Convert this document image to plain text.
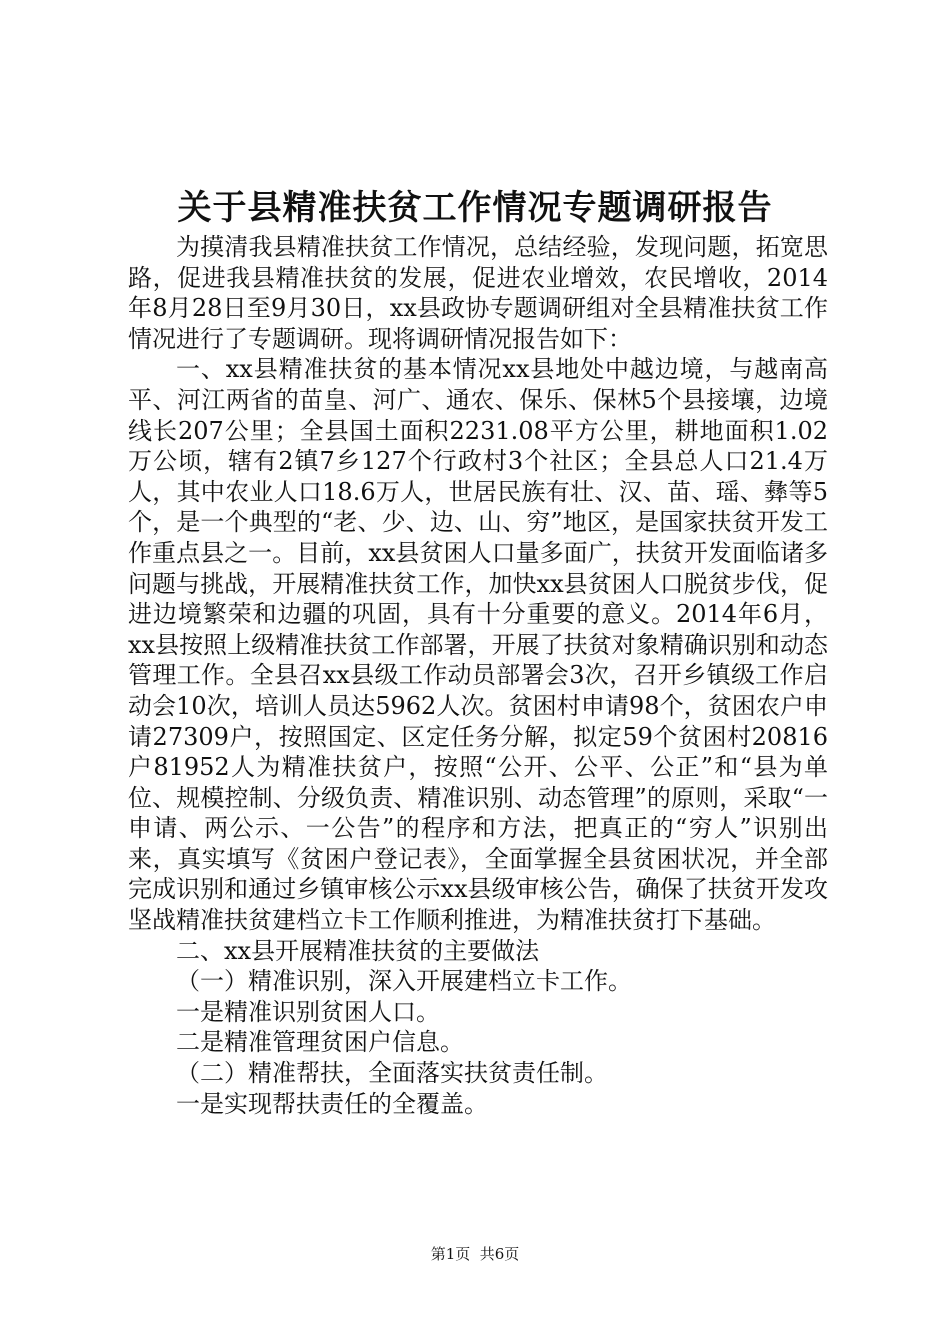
关于县精准扶贫工作情况专题调研报告

为摸清我县精准扶贫工作情况，总结经验，发现问题，拓宽思路，促进我县精准扶贫的发展，促进农业增效，农民增收，2014年8月28日至9月30日，xx县政协专题调研组对全县精准扶贫工作情况进行了专题调研。现将调研情况报告如下：

一、xx县精准扶贫的基本情况xx县地处中越边境，与越南高平、河江两省的苗皇、河广、通农、保乐、保林5个县接壤，边境线长207公里；全县国土面积2231.08平方公里，耕地面积1.02万公顷，辖有2镇7乡127个行政村3个社区；全县总人口21.4万人，其中农业人口18.6万人，世居民族有壮、汉、苗、瑶、彝等5个，是一个典型的“老、少、边、山、穷”地区，是国家扶贫开发工作重点县之一。目前，xx县贫困人口量多面广，扶贫开发面临诸多问题与挑战，开展精准扶贫工作，加快xx县贫困人口脱贫步伐，促进边境繁荣和边疆的巩固，具有十分重要的意义。2014年6月，xx县按照上级精准扶贫工作部署，开展了扶贫对象精确识别和动态管理工作。全县召xx县级工作动员部署会3次，召开乡镇级工作启动会10次，培训人员达5962人次。贫困村申请98个，贫困农户申请27309户，按照国定、区定任务分解，拟定59个贫困村20816户81952人为精准扶贫户，按照“公开、公平、公正”和“县为单位、规模控制、分级负责、精准识别、动态管理”的原则，采取“一申请、两公示、一公告”的程序和方法，把真正的“穷人”识别出来，真实填写《贫困户登记表》，全面掌握全县贫困状况，并全部完成识别和通过乡镇审核公示xx县级审核公告，确保了扶贫开发攻坚战精准扶贫建档立卡工作顺利推进，为精准扶贫打下基础。

二、xx县开展精准扶贫的主要做法

（一）精准识别，深入开展建档立卡工作。

一是精准识别贫困人口。

二是精准管理贫困户信息。

（二）精准帮扶，全面落实扶贫责任制。

一是实现帮扶责任的全覆盖。

第1页  共6页
